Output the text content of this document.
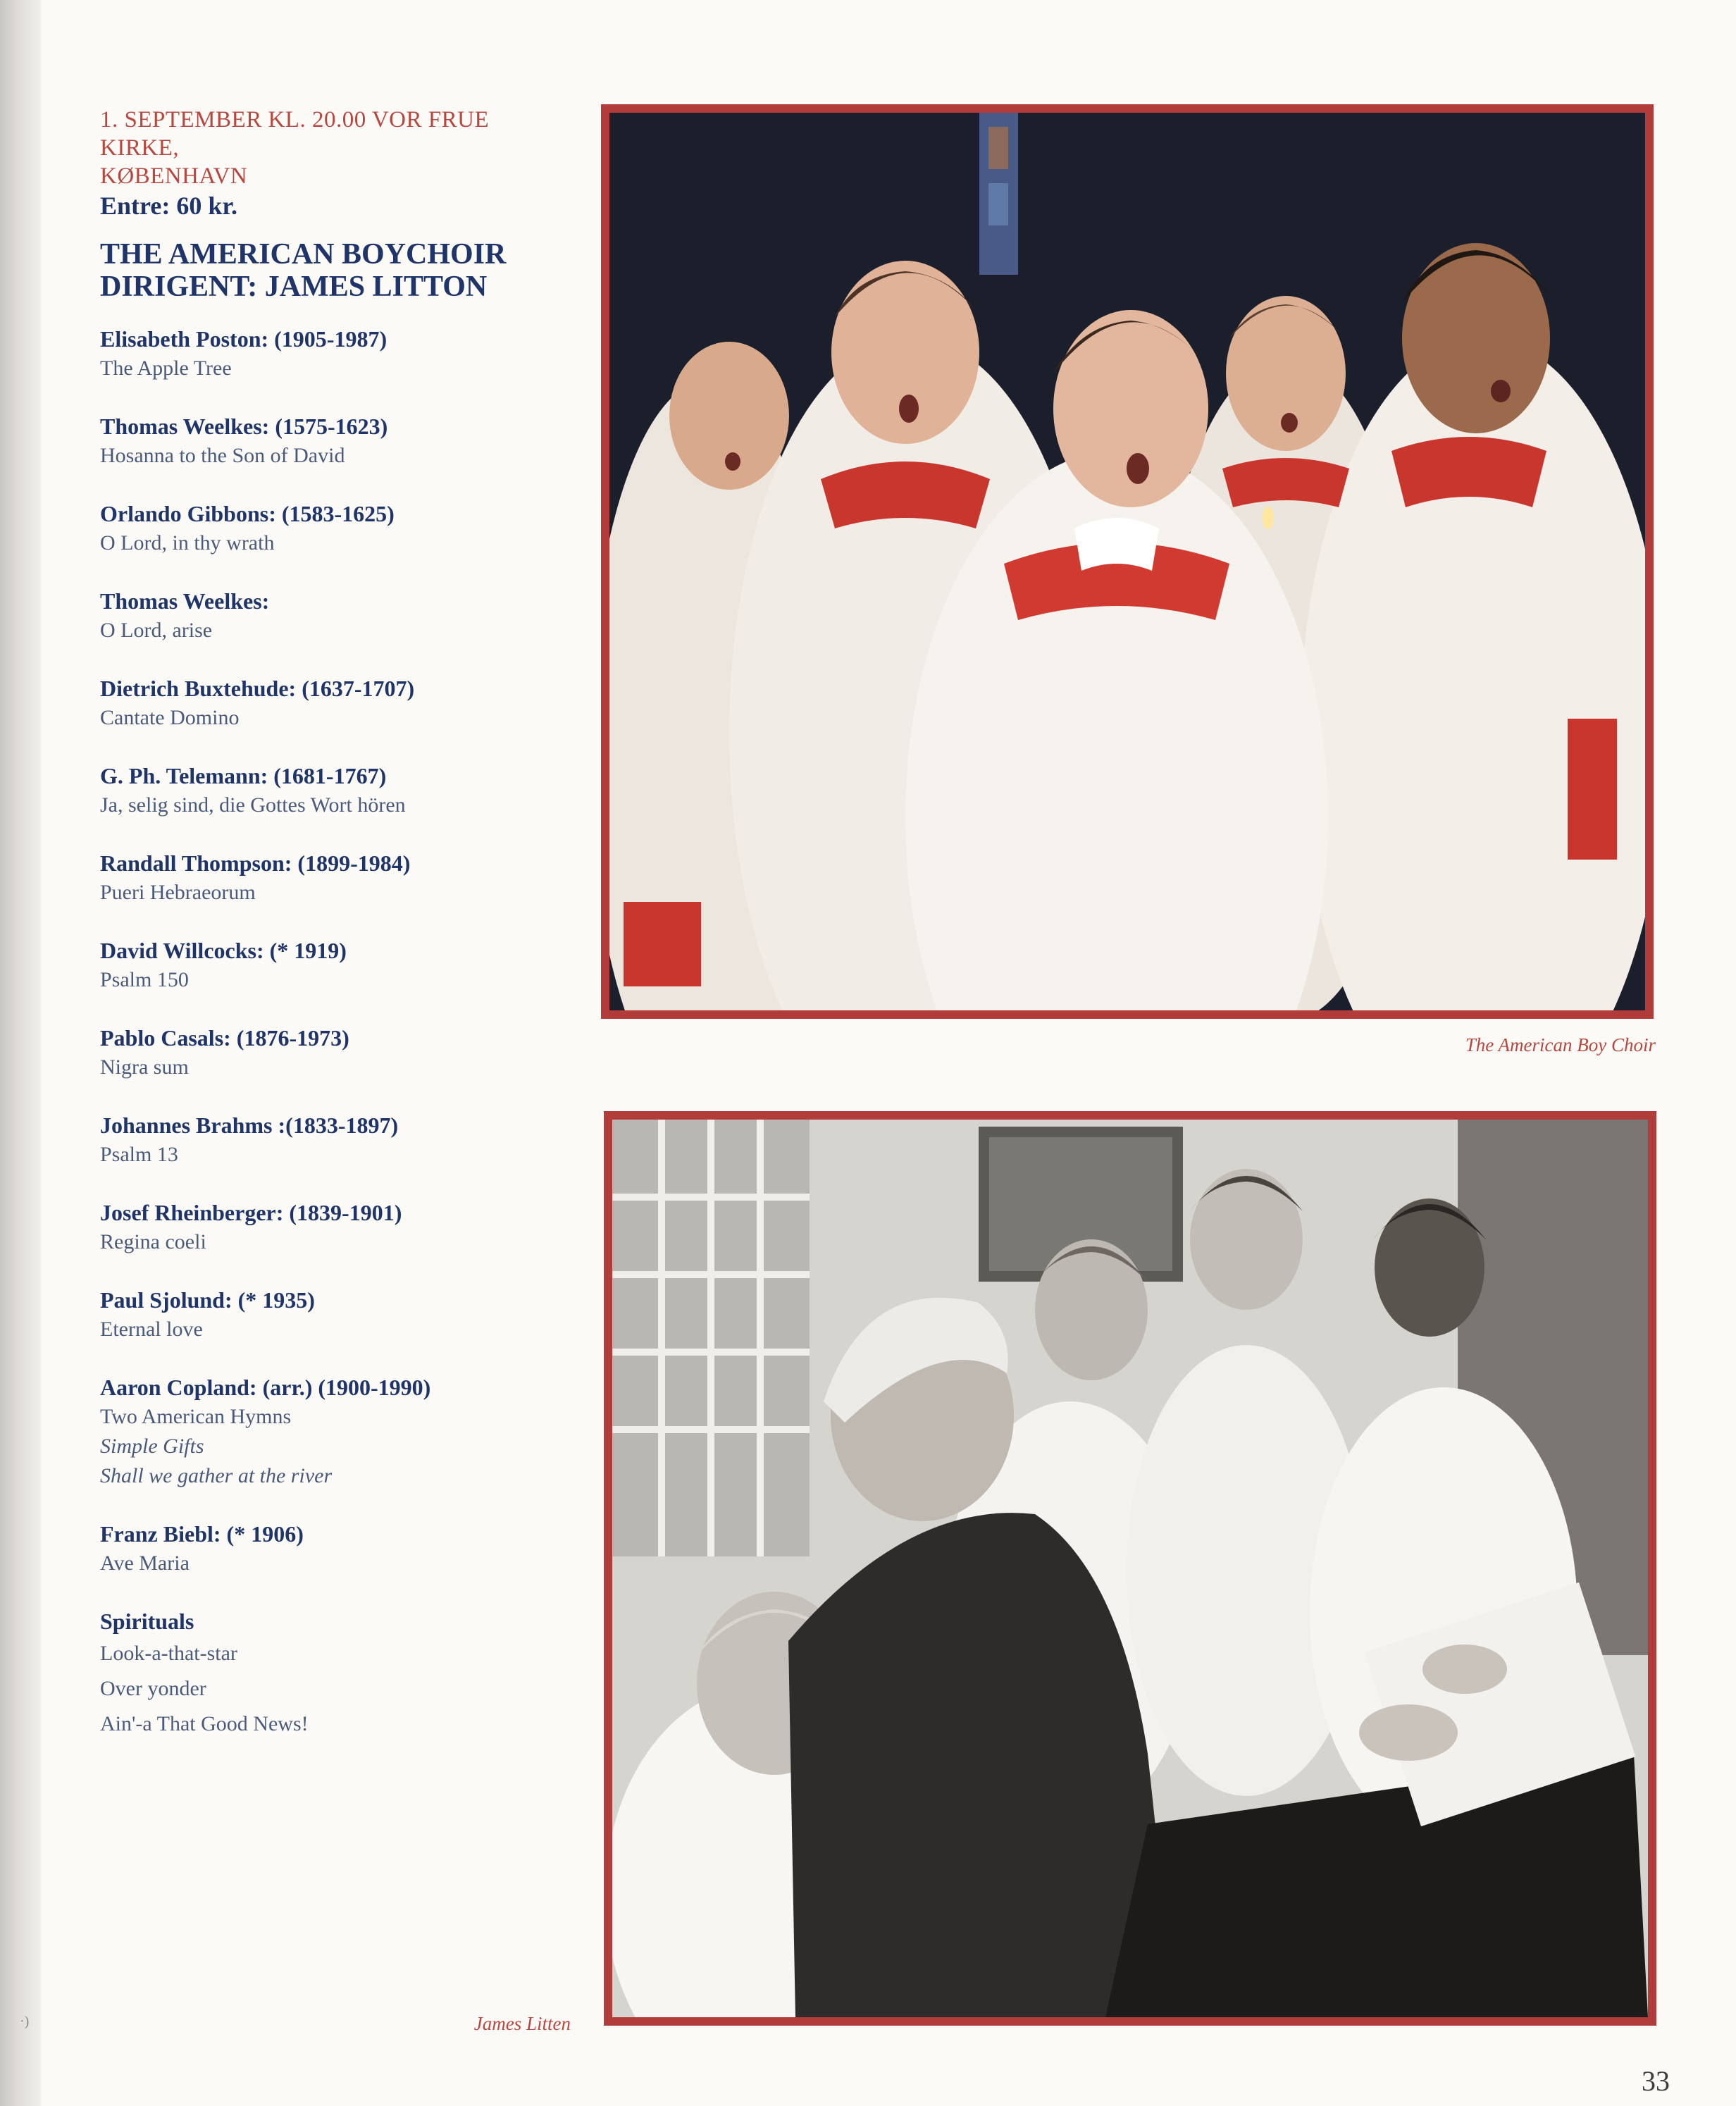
·)
1. SEPTEMBER KL. 20.00 VOR FRUE KIRKE,
KØBENHAVN
Entre: 60 kr.
THE AMERICAN BOYCHOIR
DIRIGENT: JAMES LITTON
Elisabeth Poston: (1905-1987)
The Apple Tree
Thomas Weelkes: (1575-1623)
Hosanna to the Son of David
Orlando Gibbons: (1583-1625)
O Lord, in thy wrath
Thomas Weelkes:
O Lord, arise
Dietrich Buxtehude: (1637-1707)
Cantate Domino
G. Ph. Telemann: (1681-1767)
Ja, selig sind, die Gottes Wort hören
Randall Thompson: (1899-1984)
Pueri Hebraeorum
David Willcocks: (* 1919)
Psalm 150
Pablo Casals: (1876-1973)
Nigra sum
Johannes Brahms :(1833-1897)
Psalm 13
Josef Rheinberger: (1839-1901)
Regina coeli
Paul Sjolund: (* 1935)
Eternal love
Aaron Copland: (arr.) (1900-1990)
Two American Hymns
Simple Gifts
Shall we gather at the river
Franz Biebl: (* 1906)
Ave Maria
Spirituals
Look-a-that-star
Over yonder
Ain'-a That Good News!
The American Boy Choir
James Litten
33
